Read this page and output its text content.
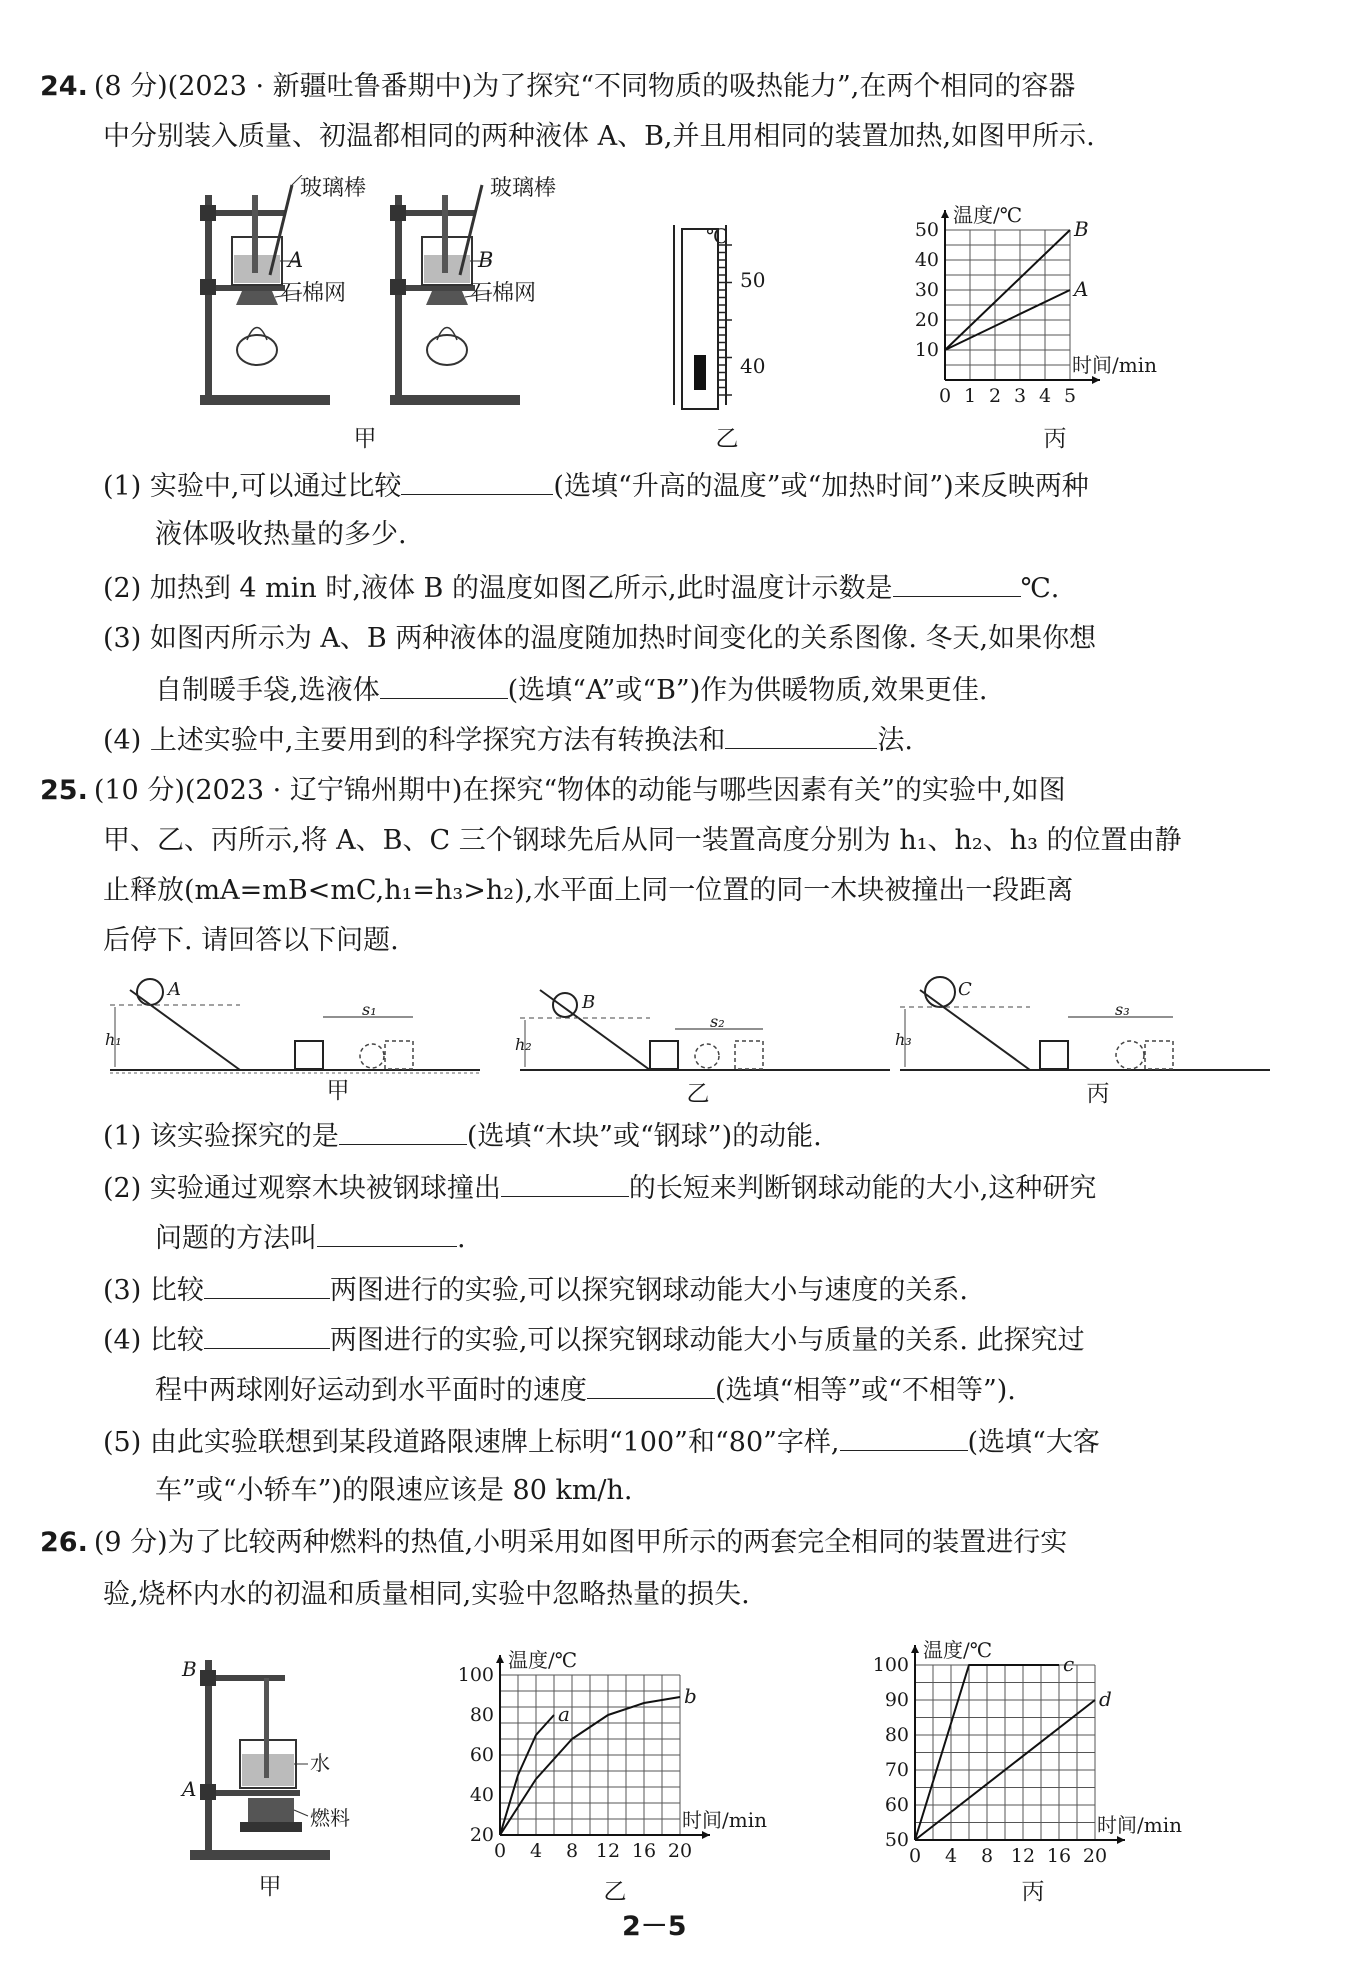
24. (8 分)(2023 · 新疆吐鲁番期中)为了探究“不同物质的吸热能力”,在两个相同的容器
中分别装入质量、初温都相同的两种液体 A、B,并且用相同的装置加热,如图甲所示.
玻璃棒
A
石棉网
玻璃棒
B
石棉网
甲
℃
50
40
乙
温度/℃
时间/min
0 1 2 3 4 5
10
20
30
40
50	B
A
丙
(1) 实验中,可以通过比较	(选填“升高的温度”或“加热时间”)来反映两种
液体吸收热量的多少.
(2) 加热到 4 min 时,液体 B 的温度如图乙所示,此时温度计示数是	℃.
(3) 如图丙所示为 A、B 两种液体的温度随加热时间变化的关系图像. 冬天,如果你想
自制暖手袋,选液体	(选填“A”或“B”)作为供暖物质,效果更佳.
(4) 上述实验中,主要用到的科学探究方法有转换法和	法.
25. (10 分)(2023 · 辽宁锦州期中)在探究“物体的动能与哪些因素有关”的实验中,如图
甲、乙、丙所示,将 A、B、C 三个钢球先后从同一装置高度分别为 h₁、h₂、h₃ 的位置由静
止释放(mA=mB<mC,h₁=h₃>h₂),水平面上同一位置的同一木块被撞出一段距离
后停下. 请回答以下问题.
A
h₁
s₁	B
h₂
s₂
C
h₃
s₃
甲	乙	丙
(1) 该实验探究的是	(选填“木块”或“钢球”)的动能.
(2) 实验通过观察木块被钢球撞出	的长短来判断钢球动能的大小,这种研究
问题的方法叫	.
(3) 比较	两图进行的实验,可以探究钢球动能大小与速度的关系.
(4) 比较	两图进行的实验,可以探究钢球动能大小与质量的关系. 此探究过
程中两球刚好运动到水平面时的速度	(选填“相等”或“不相等”).
(5) 由此实验联想到某段道路限速牌上标明“100”和“80”字样,	(选填“大客
车”或“小轿车”)的限速应该是 80 km/h.
26. (9 分)为了比较两种燃料的热值,小明采用如图甲所示的两套完全相同的装置进行实
验,烧杯内水的初温和质量相同,实验中忽略热量的损失.
B
A
水
燃料
甲
温度/℃
时间/min
0 4 8 12 16 20
20
40
60
80
100
a
b
乙
温度/℃
时间/min
0 4 8 12 16 20
50
60
70
80
90
100	c
d
丙
2－5
